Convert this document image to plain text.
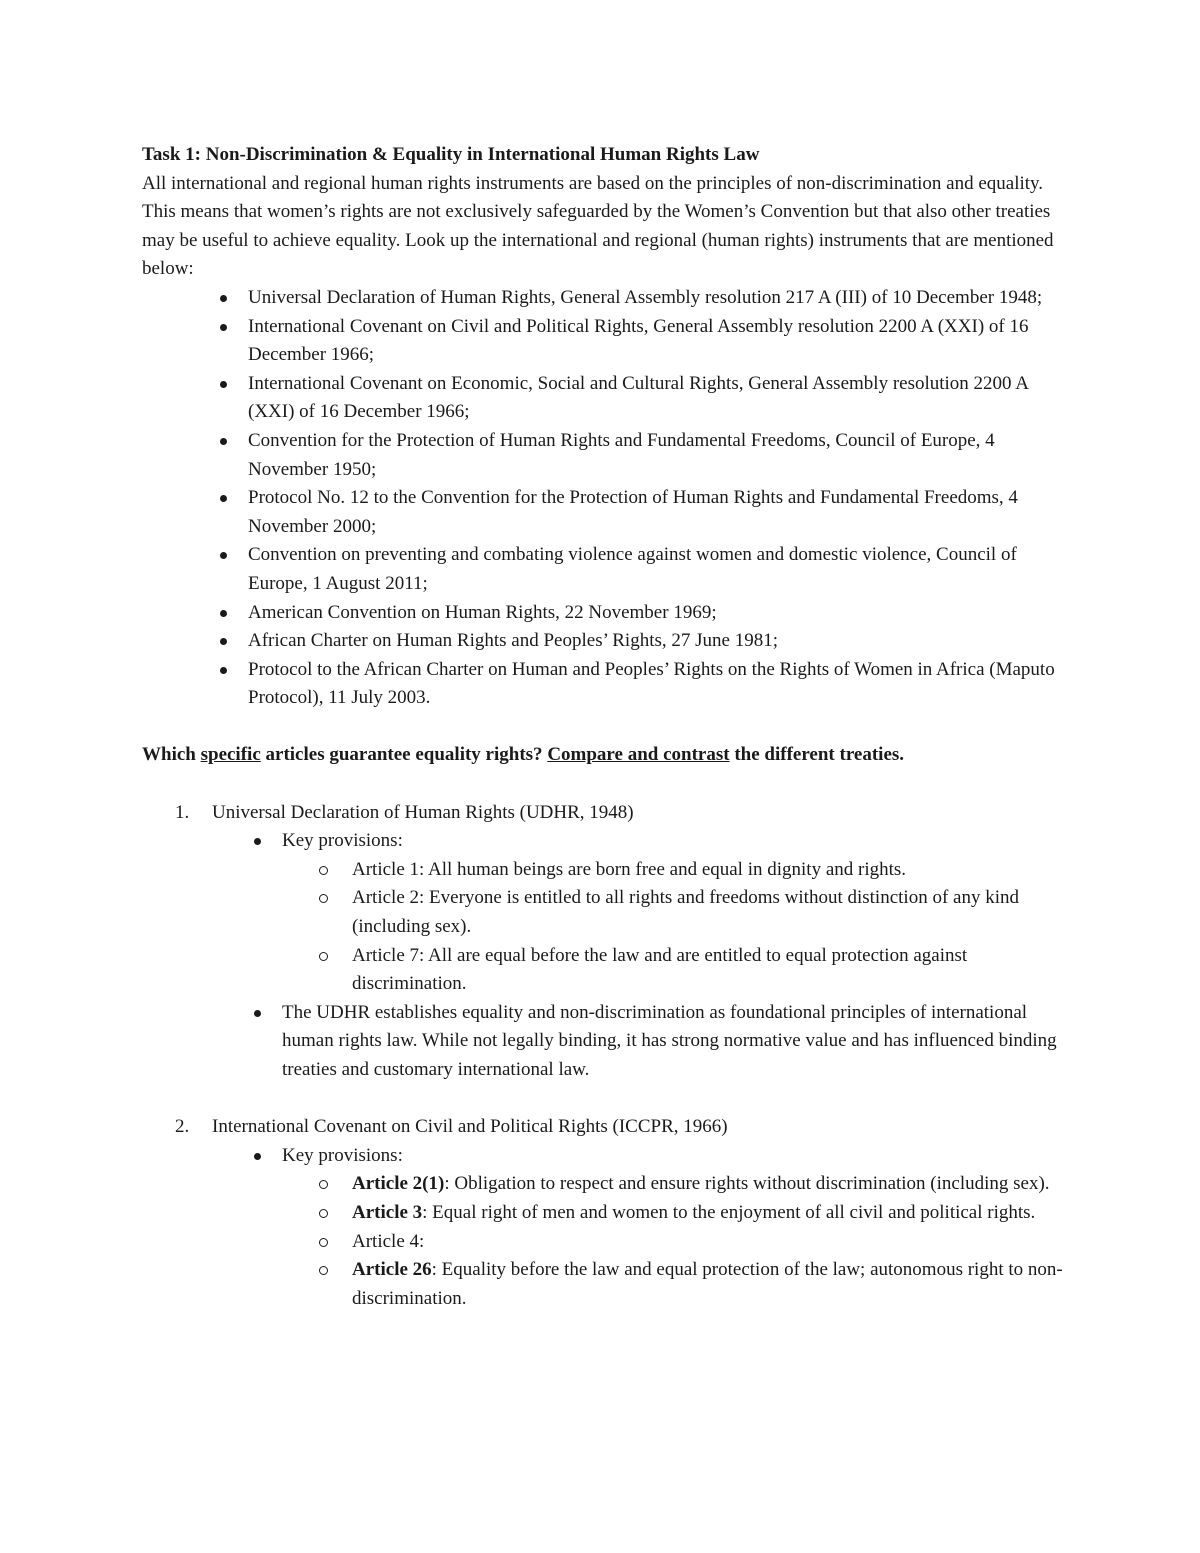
Task 1: Non-Discrimination & Equality in International Human Rights Law

All international and regional human rights instruments are based on the principles of non-discrimination and equality. This means that women’s rights are not exclusively safeguarded by the Women’s Convention but that also other treaties may be useful to achieve equality. Look up the international and regional (human rights) instruments that are mentioned below:

Universal Declaration of Human Rights, General Assembly resolution 217 A (III) of 10 December 1948;
International Covenant on Civil and Political Rights, General Assembly resolution 2200 A (XXI) of 16 December 1966;
International Covenant on Economic, Social and Cultural Rights, General Assembly resolution 2200 A (XXI) of 16 December 1966;
Convention for the Protection of Human Rights and Fundamental Freedoms, Council of Europe, 4 November 1950;
Protocol No. 12 to the Convention for the Protection of Human Rights and Fundamental Freedoms, 4 November 2000;
Convention on preventing and combating violence against women and domestic violence, Council of Europe, 1 August 2011;
American Convention on Human Rights, 22 November 1969;
African Charter on Human Rights and Peoples’ Rights, 27 June 1981;
Protocol to the African Charter on Human and Peoples’ Rights on the Rights of Women in Africa (Maputo Protocol), 11 July 2003.

Which specific articles guarantee equality rights? Compare and contrast the different treaties.

1. Universal Declaration of Human Rights (UDHR, 1948)
Key provisions:
Article 1: All human beings are born free and equal in dignity and rights.
Article 2: Everyone is entitled to all rights and freedoms without distinction of any kind (including sex).
Article 7: All are equal before the law and are entitled to equal protection against discrimination.
The UDHR establishes equality and non-discrimination as foundational principles of international human rights law. While not legally binding, it has strong normative value and has influenced binding treaties and customary international law.
2. International Covenant on Civil and Political Rights (ICCPR, 1966)
Key provisions:
Article 2(1): Obligation to respect and ensure rights without discrimination (including sex).
Article 3: Equal right of men and women to the enjoyment of all civil and political rights.
Article 4:
Article 26: Equality before the law and equal protection of the law; autonomous right to non-discrimination.
